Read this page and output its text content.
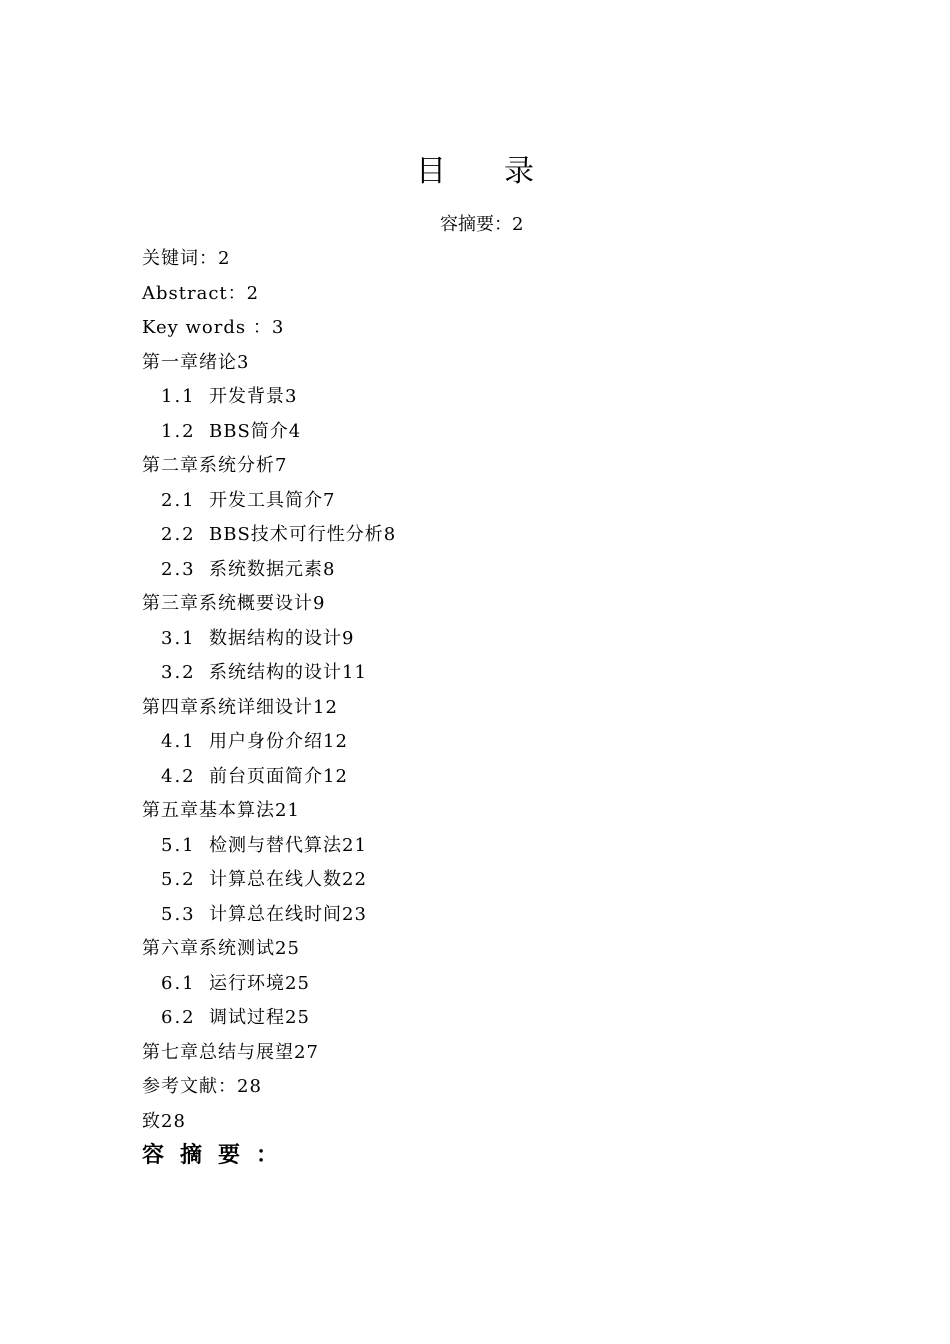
目录
容摘要：2
关键词：2
Abstract：2
Key words ：3
第一章绪论3
1.1 开发背景3
1.2 BBS简介4
第二章系统分析7
2.1 开发工具简介7
2.2 BBS技术可行性分析8
2.3 系统数据元素8
第三章系统概要设计9
3.1 数据结构的设计9
3.2 系统结构的设计11
第四章系统详细设计12
4.1 用户身份介绍12
4.2 前台页面简介12
第五章基本算法21
5.1 检测与替代算法21
5.2 计算总在线人数22
5.3 计算总在线时间23
第六章系统测试25
6.1 运行环境25
6.2 调试过程25
第七章总结与展望27
参考文献：28
致28
容摘要：
